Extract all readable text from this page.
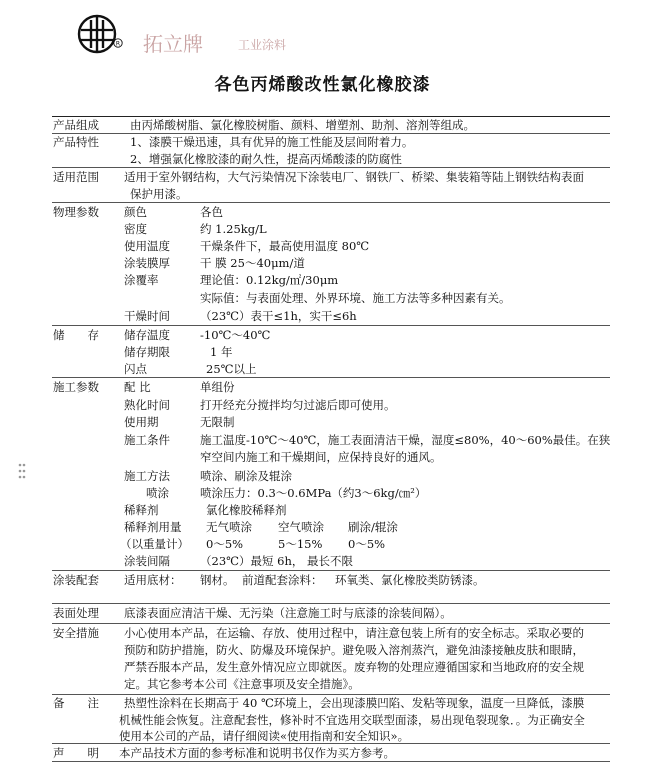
R 拓立牌	工业涂料
各色丙烯酸改性氯化橡胶漆
产品组成	由丙烯酸树脂、氯化橡胶树脂、颜料、增塑剂、助剂、溶剂等组成。
产品特性	1、漆膜干燥迅速，具有优异的施工性能及层间附着力。
2、增强氯化橡胶漆的耐久性，提高丙烯酸漆的防腐性
适用范围 适用于室外钢结构，大气污染情况下涂装电厂、钢铁厂、桥梁、集装箱等陆上钢铁结构表面
保护用漆。
物理参数 颜色	各色
密度	约 1.25kg/L
使用温度	干燥条件下，最高使用温度 80℃
涂装膜厚	干 膜 25～40μm/道
涂覆率	理论值：0.12kg/㎡/30μm
实际值：与表面处理、外界环境、施工方法等多种因素有关。
干燥时间	（23℃）表干≤1h，实干≤6h
储　　存 储存温度	-10℃～40℃
储存期限	1 年
闪点	25℃以上
施工参数 配 比	单组份
熟化时间	打开经充分搅拌均匀过滤后即可使用。
使用期	无限制
施工条件	施工温度-10℃～40℃，施工表面清洁干燥，湿度≤80%，40～60%最佳。在狭
窄空间内施工和干燥期间，应保持良好的通风。
施工方法	喷涂、刷涂及辊涂
喷涂	喷涂压力：0.3～0.6MPa（约3～6kg/㎝²）
稀释剂	氯化橡胶稀释剂
稀释剂用量 无气喷涂 空气喷涂 刷涂/辊涂
（以重量计） 0～5%	5～15% 0～5%
涂装间隔	（23℃）最短 6h， 最长不限
涂装配套 适用底材： 钢材。 前道配套涂料： 环氧类、氯化橡胶类防锈漆。
表面处理 底漆表面应清洁干燥、无污染（注意施工时与底漆的涂装间隔）。
安全措施 小心使用本产品，在运输、存放、使用过程中，请注意包装上所有的安全标志。采取必要的
预防和防护措施，防火、防爆及环境保护。避免吸入溶剂蒸汽，避免油漆接触皮肤和眼睛，
严禁吞服本产品，发生意外情况应立即就医。废弃物的处理应遵循国家和当地政府的安全规
定。其它参考本公司《注意事项及安全措施》。
备　　注 热塑性涂料在长期高于 40 ℃环境上，会出现漆膜凹陷、发粘等现象，温度一旦降低，漆膜
机械性能会恢复。注意配套性，修补时不宜选用交联型面漆，易出现龟裂现象．。为正确安全
使用本公司的产品，请仔细阅读«使用指南和安全知识»。
声　　明 本产品技术方面的参考标准和说明书仅作为买方参考。
